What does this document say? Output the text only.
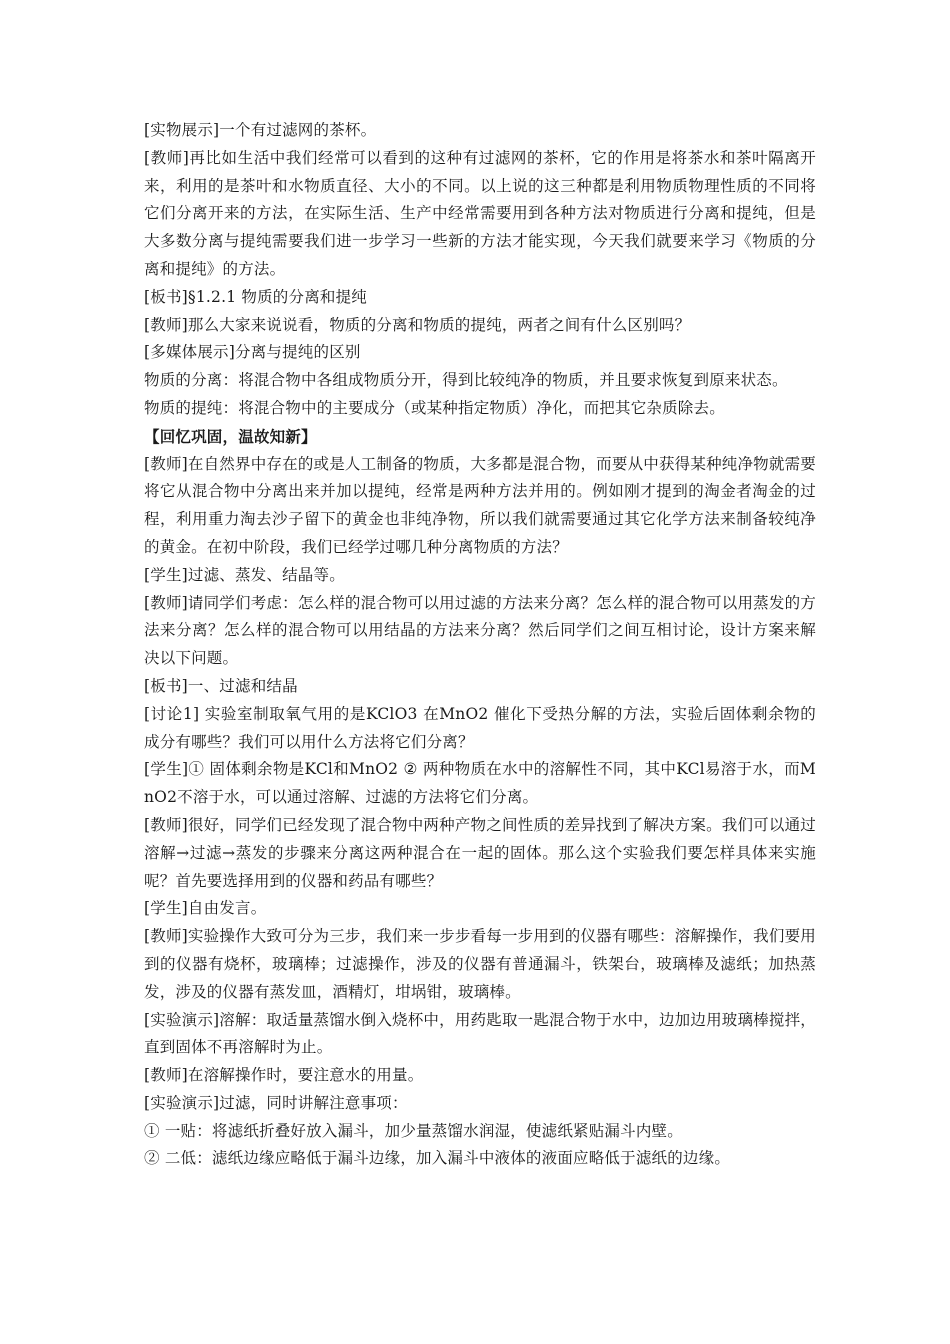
[实物展示]一个有过滤网的茶杯。

[教师]再比如生活中我们经常可以看到的这种有过滤网的茶杯，它的作用是将茶水和茶叶隔离开来，利用的是茶叶和水物质直径、大小的不同。以上说的这三种都是利用物质物理性质的不同将它们分离开来的方法，在实际生活、生产中经常需要用到各种方法对物质进行分离和提纯，但是大多数分离与提纯需要我们进一步学习一些新的方法才能实现，今天我们就要来学习《物质的分离和提纯》的方法。

[板书]§1.2.1 物质的分离和提纯

[教师]那么大家来说说看，物质的分离和物质的提纯，两者之间有什么区别吗？

[多媒体展示]分离与提纯的区别

物质的分离：将混合物中各组成物质分开，得到比较纯净的物质，并且要求恢复到原来状态。

物质的提纯：将混合物中的主要成分（或某种指定物质）净化，而把其它杂质除去。

【回忆巩固，温故知新】

[教师]在自然界中存在的或是人工制备的物质，大多都是混合物，而要从中获得某种纯净物就需要将它从混合物中分离出来并加以提纯，经常是两种方法并用的。例如刚才提到的淘金者淘金的过程，利用重力淘去沙子留下的黄金也非纯净物，所以我们就需要通过其它化学方法来制备较纯净的黄金。在初中阶段，我们已经学过哪几种分离物质的方法？

[学生]过滤、蒸发、结晶等。

[教师]请同学们考虑：怎么样的混合物可以用过滤的方法来分离？怎么样的混合物可以用蒸发的方法来分离？怎么样的混合物可以用结晶的方法来分离？然后同学们之间互相讨论，设计方案来解决以下问题。

[板书]一、过滤和结晶

[讨论1] 实验室制取氧气用的是KClO3 在MnO2 催化下受热分解的方法，实验后固体剩余物的成分有哪些？我们可以用什么方法将它们分离？

[学生]① 固体剩余物是KCl和MnO2 ② 两种物质在水中的溶解性不同，其中KCl易溶于水，而MnO2不溶于水，可以通过溶解、过滤的方法将它们分离。

[教师]很好，同学们已经发现了混合物中两种产物之间性质的差异找到了解决方案。我们可以通过溶解→过滤→蒸发的步骤来分离这两种混合在一起的固体。那么这个实验我们要怎样具体来实施呢？首先要选择用到的仪器和药品有哪些？

[学生]自由发言。

[教师]实验操作大致可分为三步，我们来一步步看每一步用到的仪器有哪些：溶解操作，我们要用到的仪器有烧杯，玻璃棒；过滤操作，涉及的仪器有普通漏斗，铁架台，玻璃棒及滤纸；加热蒸发，涉及的仪器有蒸发皿，酒精灯，坩埚钳，玻璃棒。

[实验演示]溶解：取适量蒸馏水倒入烧杯中，用药匙取一匙混合物于水中，边加边用玻璃棒搅拌，直到固体不再溶解时为止。

[教师]在溶解操作时，要注意水的用量。

[实验演示]过滤，同时讲解注意事项：

① 一贴：将滤纸折叠好放入漏斗，加少量蒸馏水润湿，使滤纸紧贴漏斗内壁。

② 二低：滤纸边缘应略低于漏斗边缘，加入漏斗中液体的液面应略低于滤纸的边缘。
